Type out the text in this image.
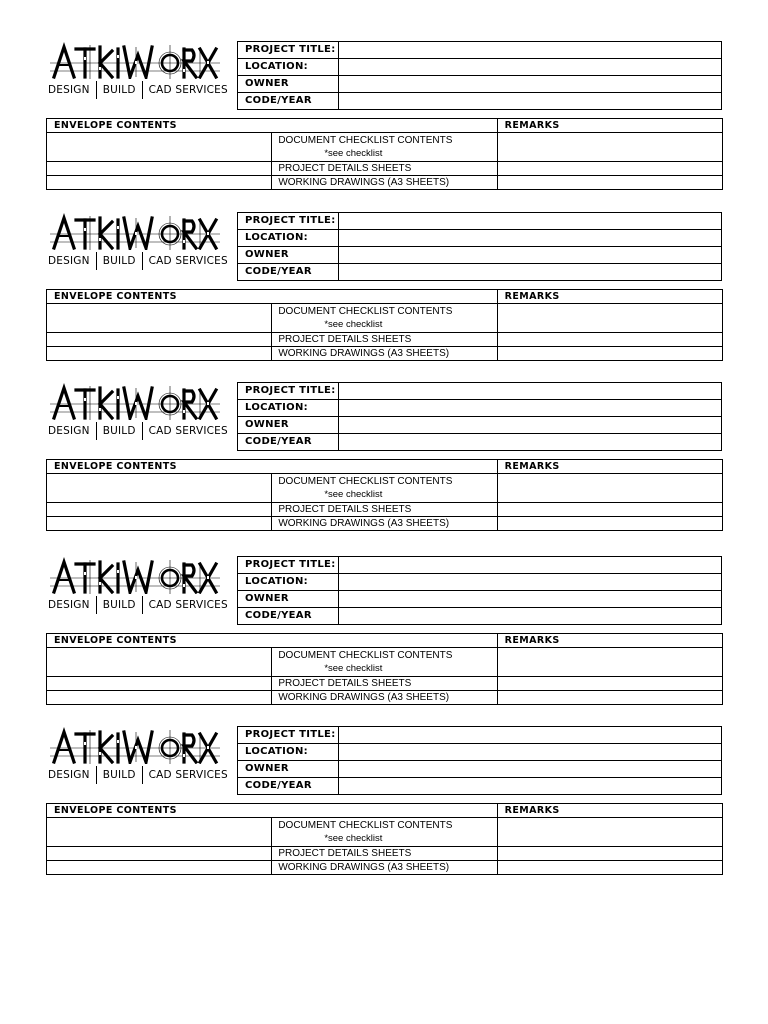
DESIGN BUILD CAD SERVICES
PROJECT TITLE:	
LOCATION:	
OWNER	
CODE/YEAR	
ENVELOPE CONTENTS		REMARKS
	DOCUMENT CHECKLIST CONTENTS
*see checklist	

	PROJECT DETAILS SHEETS	
	WORKING DRAWINGS (A3 SHEETS)	
DESIGN BUILD CAD SERVICES
PROJECT TITLE:	
LOCATION:	
OWNER	
CODE/YEAR	
ENVELOPE CONTENTS		REMARKS
	DOCUMENT CHECKLIST CONTENTS
*see checklist	

	PROJECT DETAILS SHEETS	
	WORKING DRAWINGS (A3 SHEETS)	
DESIGN BUILD CAD SERVICES
PROJECT TITLE:	
LOCATION:	
OWNER	
CODE/YEAR	
ENVELOPE CONTENTS		REMARKS
	DOCUMENT CHECKLIST CONTENTS
*see checklist	

	PROJECT DETAILS SHEETS	
	WORKING DRAWINGS (A3 SHEETS)	
DESIGN BUILD CAD SERVICES
PROJECT TITLE:	
LOCATION:	
OWNER	
CODE/YEAR	
ENVELOPE CONTENTS		REMARKS
	DOCUMENT CHECKLIST CONTENTS
*see checklist	

	PROJECT DETAILS SHEETS	
	WORKING DRAWINGS (A3 SHEETS)	
DESIGN BUILD CAD SERVICES
PROJECT TITLE:	
LOCATION:	
OWNER	
CODE/YEAR	
ENVELOPE CONTENTS		REMARKS
	DOCUMENT CHECKLIST CONTENTS
*see checklist	

	PROJECT DETAILS SHEETS	
	WORKING DRAWINGS (A3 SHEETS)	
